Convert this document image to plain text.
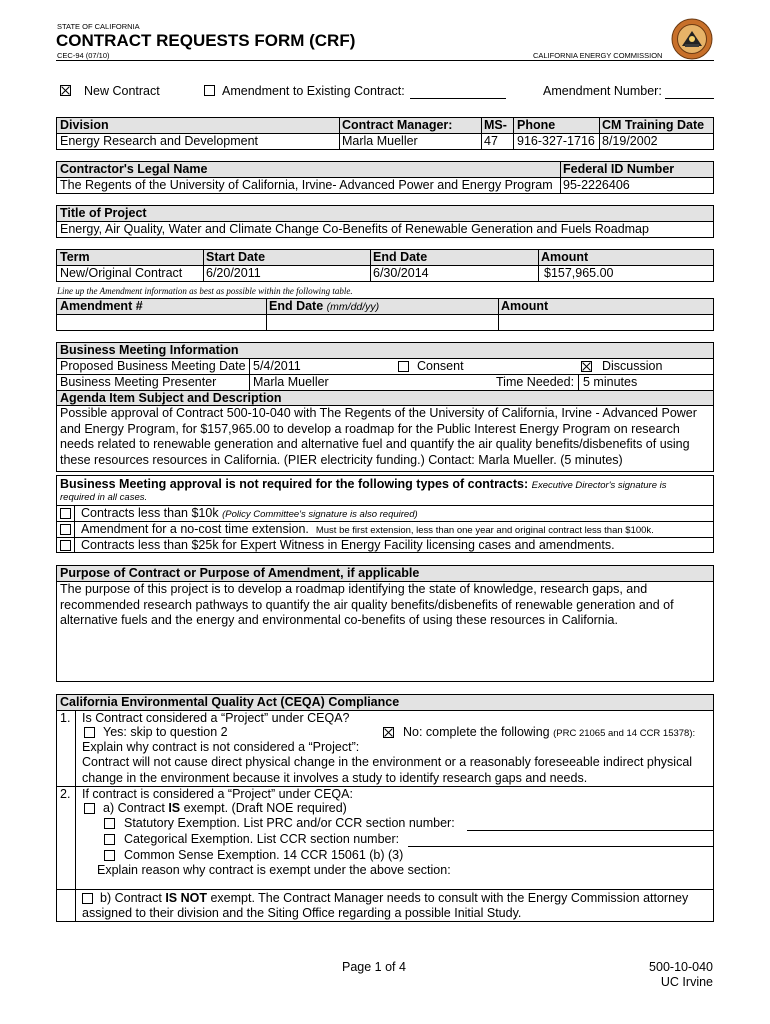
STATE OF CALIFORNIA
CONTRACT REQUESTS FORM (CRF)
CEC-94 (07/10)	CALIFORNIA ENERGY COMMISSION
New Contract	Amendment to Existing Contract:	Amendment Number:
Division	Contract Manager:	MS- Phone	CM Training Date
Energy Research and Development	Marla Mueller	47 916-327-1716 8/19/2002
Contractor's Legal Name	Federal ID Number
The Regents of the University of California, Irvine- Advanced Power and Energy Program 95-2226406
Title of Project
Energy, Air Quality, Water and Climate Change Co-Benefits of Renewable Generation and Fuels Roadmap
Term	Start Date	End Date	Amount
New/Original Contract 6/20/2011	6/30/2014	$157,965.00
Line up the Amendment information as best as possible within the following table.
Amendment #	End Date (mm/dd/yy)	Amount
Business Meeting Information
Proposed Business Meeting Date 5/4/2011	Consent	Discussion
Business Meeting Presenter	Marla Mueller	Time Needed: 5 minutes
Agenda Item Subject and Description
Possible approval of Contract 500-10-040 with The Regents of the University of California, Irvine - Advanced Power
and Energy Program, for $157,965.00 to develop a roadmap for the Public Interest Energy Program on research
needs related to renewable generation and alternative fuel and quantify the air quality benefits/disbenefits of using
these resources resources in California. (PIER electricity funding.) Contact: Marla Mueller. (5 minutes)
Business Meeting approval is not required for the following types of contracts: Executive Director's signature is
required in all cases.
Contracts less than $10k (Policy Committee's signature is also required)
Amendment for a no-cost time extension. Must be first extension, less than one year and original contract less than $100k.
Contracts less than $25k for Expert Witness in Energy Facility licensing cases and amendments.
Purpose of Contract or Purpose of Amendment, if applicable
The purpose of this project is to develop a roadmap identifying the state of knowledge, research gaps, and
recommended research pathways to quantify the air quality benefits/disbenefits of renewable generation and of
alternative fuels and the energy and environmental co-benefits of using these resources in California.
California Environmental Quality Act (CEQA) Compliance
1. Is Contract considered a “Project” under CEQA?
Yes: skip to question 2	No: complete the following (PRC 21065 and 14 CCR 15378):
Explain why contract is not considered a “Project”:
Contract will not cause direct physical change in the environment or a reasonably foreseeable indirect physical
change in the environment because it involves a study to identify research gaps and needs.
2. If contract is considered a “Project” under CEQA:
a) Contract IS exempt. (Draft NOE required)
Statutory Exemption. List PRC and/or CCR section number:
Categorical Exemption. List CCR section number:
Common Sense Exemption. 14 CCR 15061 (b) (3)
Explain reason why contract is exempt under the above section:
b) Contract IS NOT exempt. The Contract Manager needs to consult with the Energy Commission attorney
assigned to their division and the Siting Office regarding a possible Initial Study.
Page 1 of 4	500-10-040
UC Irvine
